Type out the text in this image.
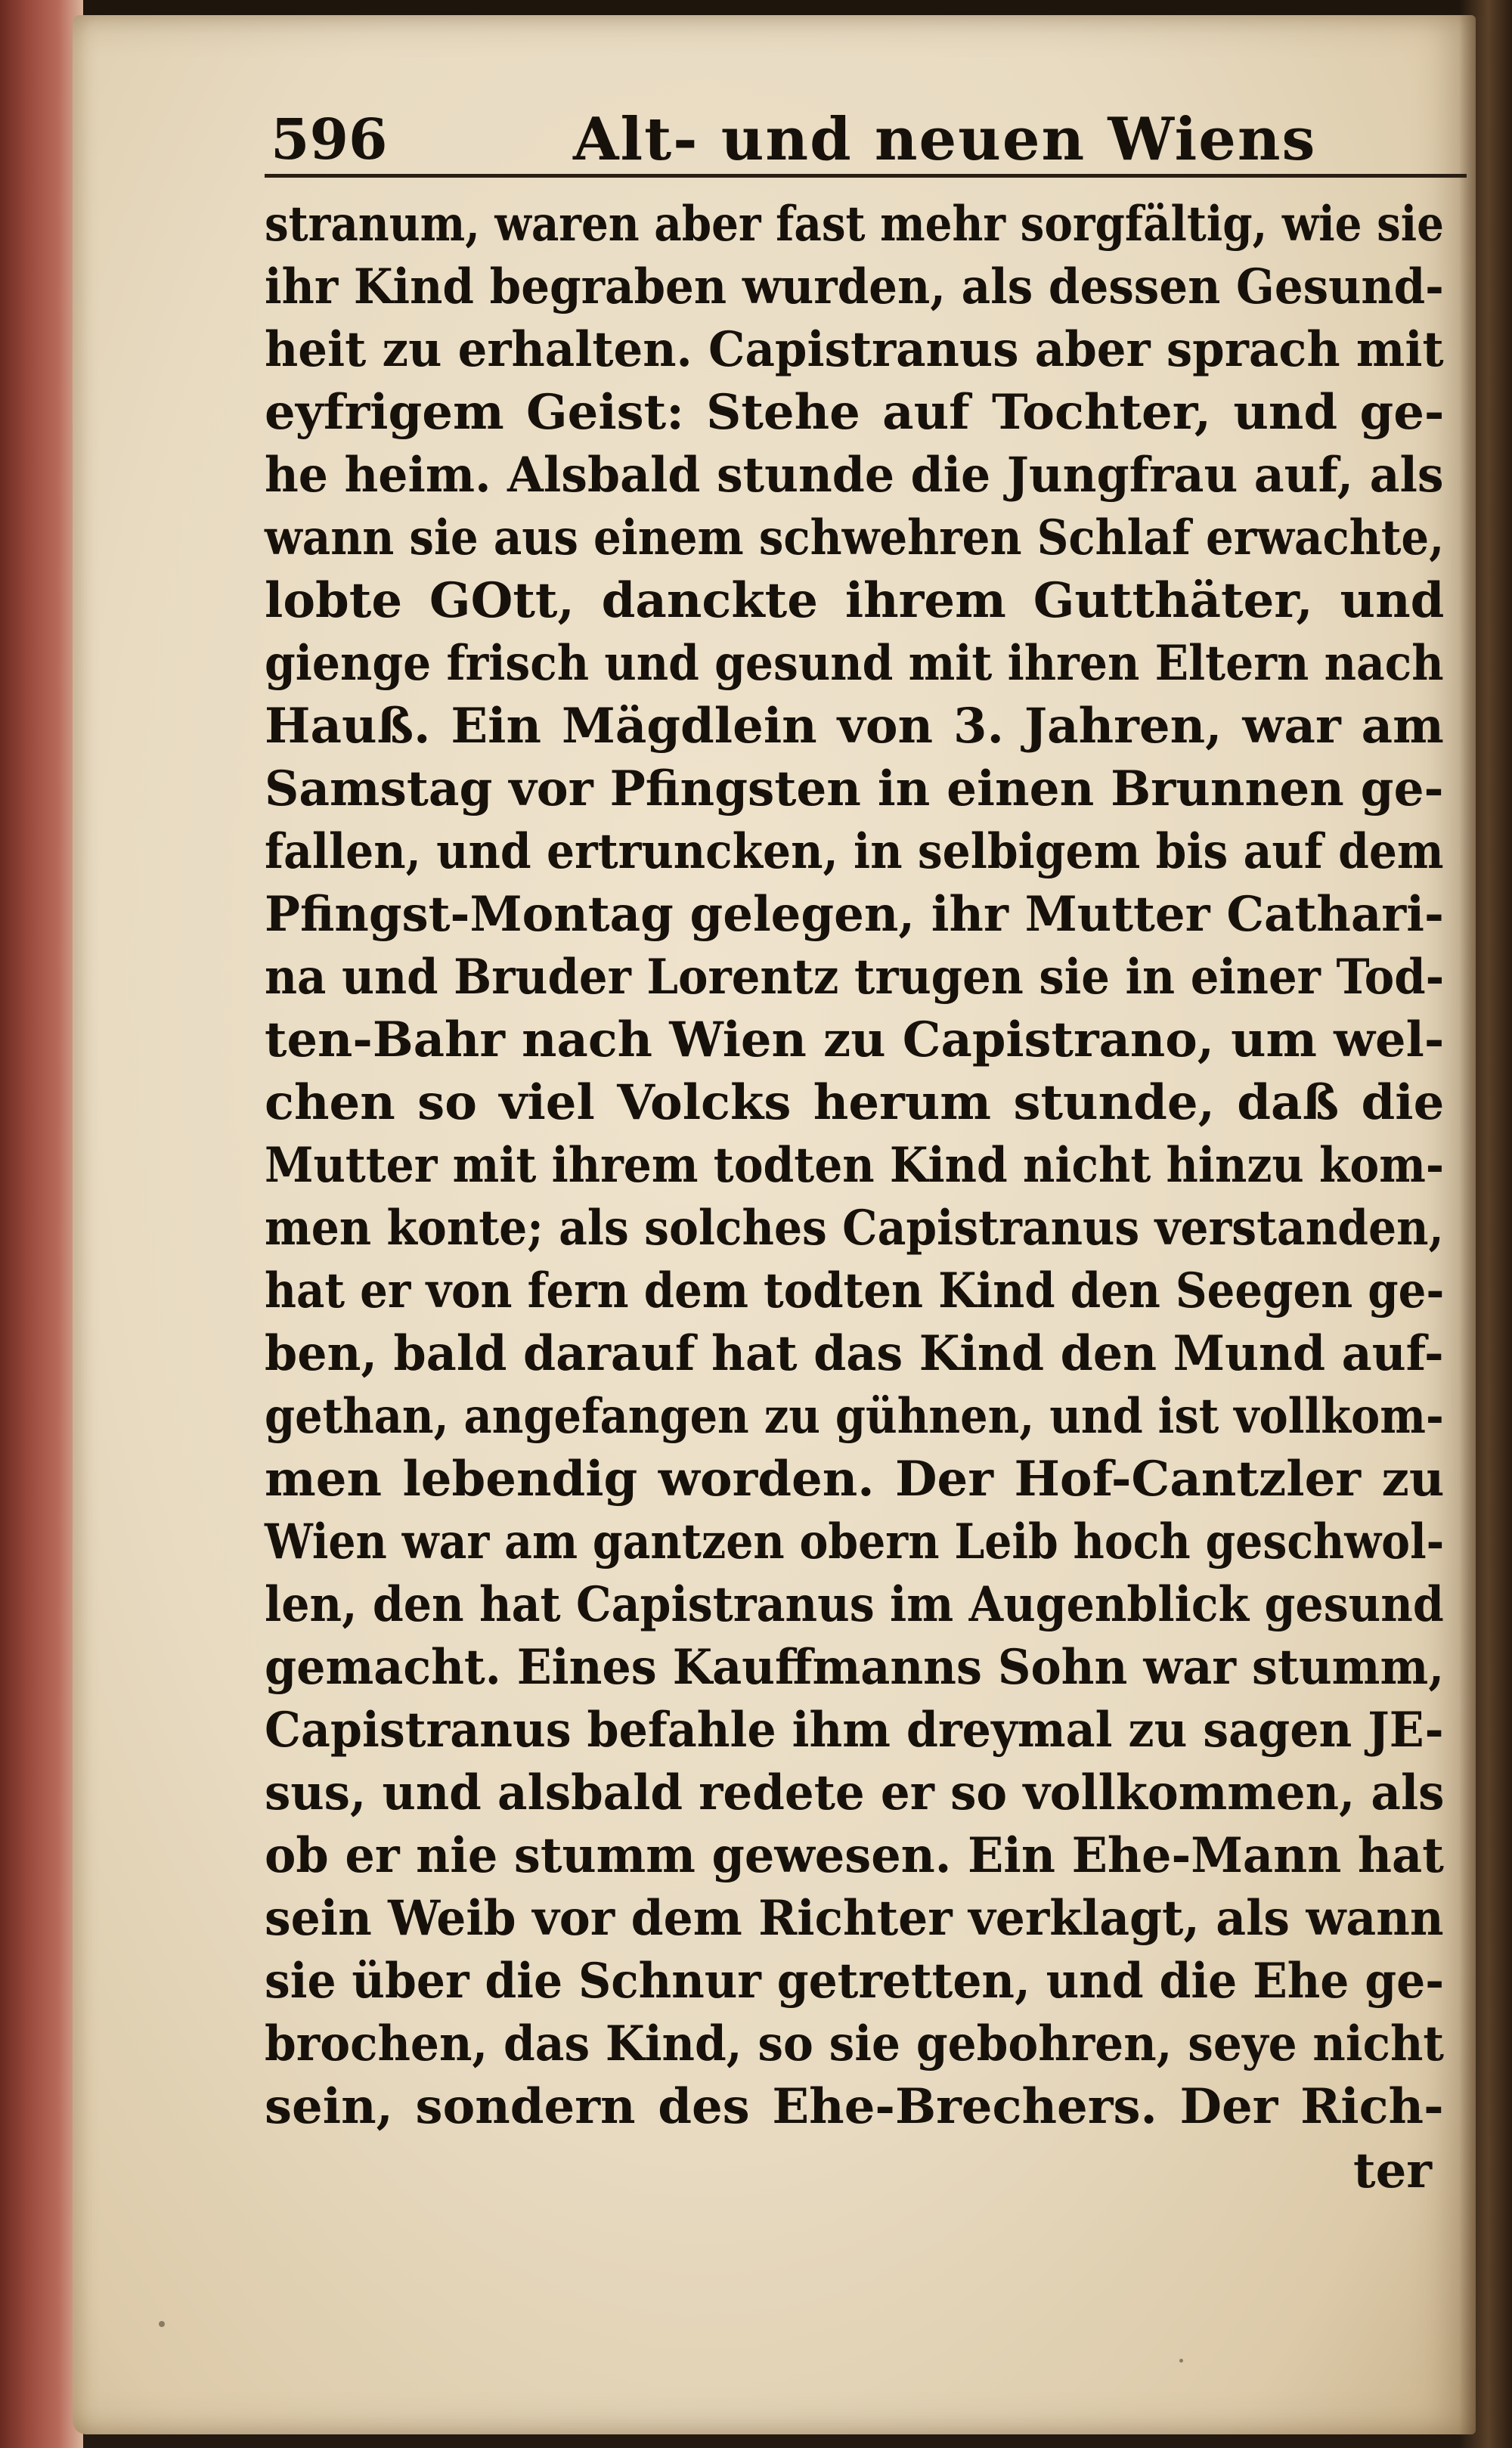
596	Alt- und neuen Wiens
stranum, waren aber fast mehr sorgfältig, wie sie
ihr Kind begraben wurden, als dessen Gesund-
heit zu erhalten. Capistranus aber sprach mit
eyfrigem Geist: Stehe auf Tochter, und ge-
he heim. Alsbald stunde die Jungfrau auf, als
wann sie aus einem schwehren Schlaf erwachte,
lobte GOtt, danckte ihrem Gutthäter, und
gienge frisch und gesund mit ihren Eltern nach
Hauß. Ein Mägdlein von 3. Jahren, war am
Samstag vor Pfingsten in einen Brunnen ge-
fallen, und ertruncken, in selbigem bis auf dem
Pfingst-Montag gelegen, ihr Mutter Cathari-
na und Bruder Lorentz trugen sie in einer Tod-
ten-Bahr nach Wien zu Capistrano, um wel-
chen so viel Volcks herum stunde, daß die
Mutter mit ihrem todten Kind nicht hinzu kom-
men konte; als solches Capistranus verstanden,
hat er von fern dem todten Kind den Seegen ge-
ben, bald darauf hat das Kind den Mund auf-
gethan, angefangen zu gühnen, und ist vollkom-
men lebendig worden. Der Hof-Cantzler zu
Wien war am gantzen obern Leib hoch geschwol-
len, den hat Capistranus im Augenblick gesund
gemacht. Eines Kauffmanns Sohn war stumm,
Capistranus befahle ihm dreymal zu sagen JE-
sus, und alsbald redete er so vollkommen, als
ob er nie stumm gewesen. Ein Ehe-Mann hat
sein Weib vor dem Richter verklagt, als wann
sie über die Schnur getretten, und die Ehe ge-
brochen, das Kind, so sie gebohren, seye nicht
sein, sondern des Ehe-Brechers. Der Rich-
ter
